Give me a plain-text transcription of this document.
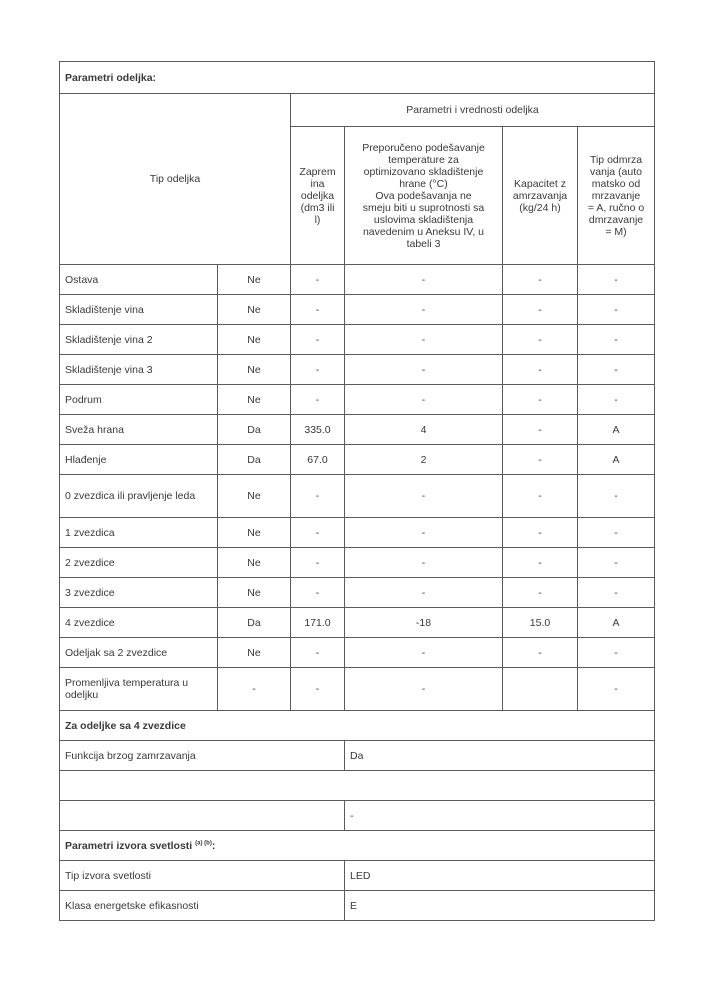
Parametri odeljka:					
Tip odeljka		Parametri i vrednosti odeljka			
Zaprem
ina
odeljka
(dm3 ili
l)	Preporučeno podešavanje
temperature za
optimizovano skladištenje
hrane (°C)
Ova podešavanja ne
smeju biti u suprotnosti sa
uslovima skladištenja
navedenim u Aneksu IV, u
tabeli 3	Kapacitet z
amrzavanja
(kg/24 h)	Tip odmrza
vanja (auto
matsko od
mrzavanje
= A, ručno o
dmrzavanje
= M)
Ostava	Ne	-	-	-	-
Skladištenje vina	Ne	-	-	-	-
Skladištenje vina 2	Ne	-	-	-	-
Skladištenje vina 3	Ne	-	-	-	-
Podrum	Ne	-	-	-	-
Sveža hrana	Da	335.0	4	-	A
Hlađenje	Da	67.0	2	-	A
0 zvezdica ili pravljenje leda	Ne	-	-	-	-
1 zvezdica	Ne	-	-	-	-
2 zvezdice	Ne	-	-	-	-
3 zvezdice	Ne	-	-	-	-
4 zvezdice	Da	171.0	-18	15.0	A
Odeljak sa 2 zvezdice	Ne	-	-	-	-
Promenljiva temperatura u odeljku	-	-	-		-
Za odeljke sa 4 zvezdice					
Funkcija brzog zamrzavanja			Da		

			-		
Parametri izvora svetlosti $^{(a) (b)}$:					
Tip izvora svetlosti			LED		
Klasa energetske efikasnosti			E		
